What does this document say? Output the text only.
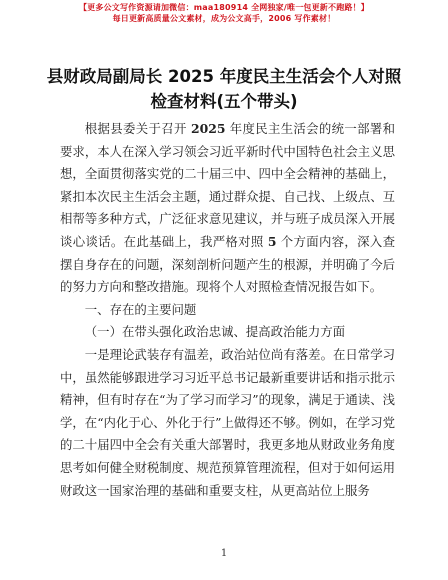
【更多公文写作资源请加微信：maa180914 全网独家/唯一包更新不跑路！】
每日更新高质量公文素材，成为公文高手，2006 写作素材！
县财政局副局长 2025 年度民主生活会个人对照
检查材料(五个带头)

根据县委关于召开 2025 年度民主生活会的统一部署和要求，本人在深入学习领会习近平新时代中国特色社会主义思想，全面贯彻落实党的二十届三中、四中全会精神的基础上，紧扣本次民主生活会主题，通过群众提、自己找、上级点、互相帮等多种方式，广泛征求意见建议，并与班子成员深入开展谈心谈话。在此基础上，我严格对照 5 个方面内容，深入查摆自身存在的问题，深刻剖析问题产生的根源，并明确了今后的努力方向和整改措施。现将个人对照检查情况报告如下。

一、存在的主要问题

（一）在带头强化政治忠诚、提高政治能力方面

一是理论武装存有温差，政治站位尚有落差。在日常学习中，虽然能够跟进学习习近平总书记最新重要讲话和指示批示精神，但有时存在“为了学习而学习”的现象，满足于通读、浅学，在“内化于心、外化于行”上做得还不够。例如，在学习党的二十届四中全会有关重大部署时，我更多地从财政业务角度思考如何健全财税制度、规范预算管理流程，但对于如何运用财政这一国家治理的基础和重要支柱，从更高站位上服务

1
